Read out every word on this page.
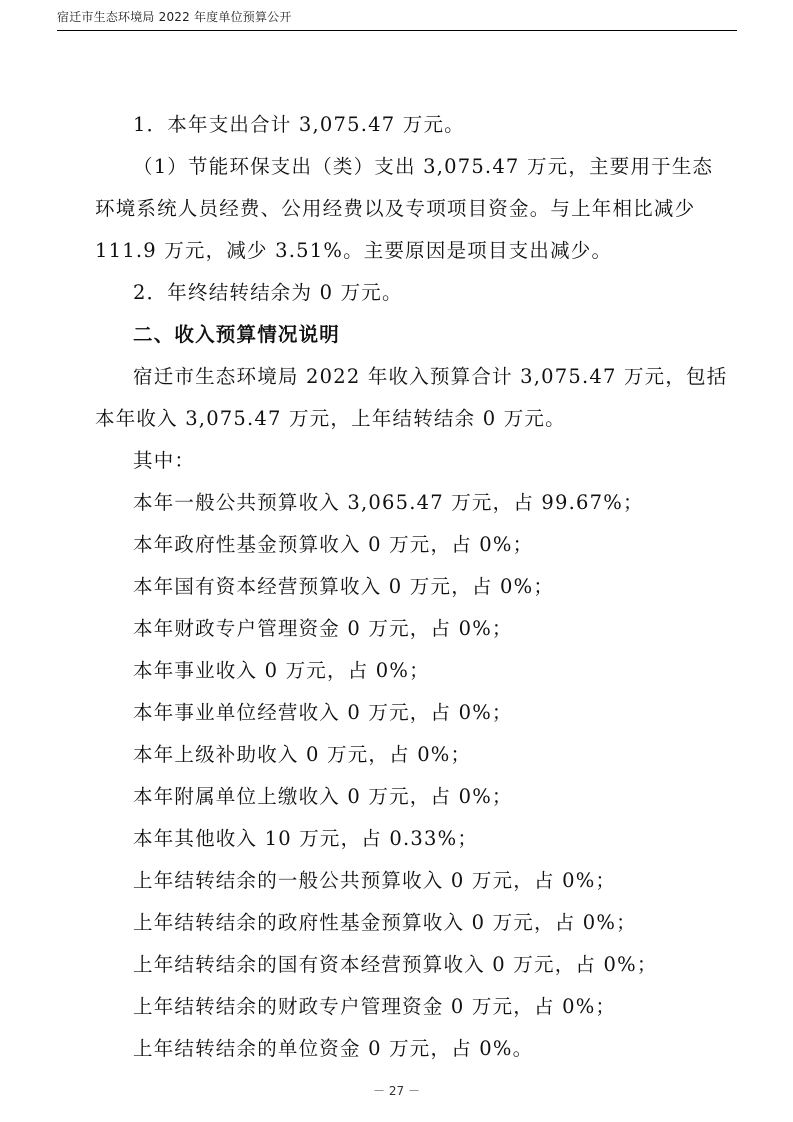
宿迁市生态环境局 2022 年度单位预算公开
1．本年支出合计 3,075.47 万元。
（1）节能环保支出（类）支出 3,075.47 万元，主要用于生态
环境系统人员经费、公用经费以及专项项目资金。与上年相比减少
111.9 万元，减少 3.51%。主要原因是项目支出减少。
2．年终结转结余为 0 万元。
二、收入预算情况说明
宿迁市生态环境局 2022 年收入预算合计 3,075.47 万元，包括
本年收入 3,075.47 万元，上年结转结余 0 万元。
其中：
本年一般公共预算收入 3,065.47 万元，占 99.67%；
本年政府性基金预算收入 0 万元，占 0%；
本年国有资本经营预算收入 0 万元，占 0%；
本年财政专户管理资金 0 万元，占 0%；
本年事业收入 0 万元，占 0%；
本年事业单位经营收入 0 万元，占 0%；
本年上级补助收入 0 万元，占 0%；
本年附属单位上缴收入 0 万元，占 0%；
本年其他收入 10 万元，占 0.33%；
上年结转结余的一般公共预算收入 0 万元，占 0%；
上年结转结余的政府性基金预算收入 0 万元，占 0%；
上年结转结余的国有资本经营预算收入 0 万元，占 0%；
上年结转结余的财政专户管理资金 0 万元，占 0%；
上年结转结余的单位资金 0 万元，占 0%。
－ 27 －
